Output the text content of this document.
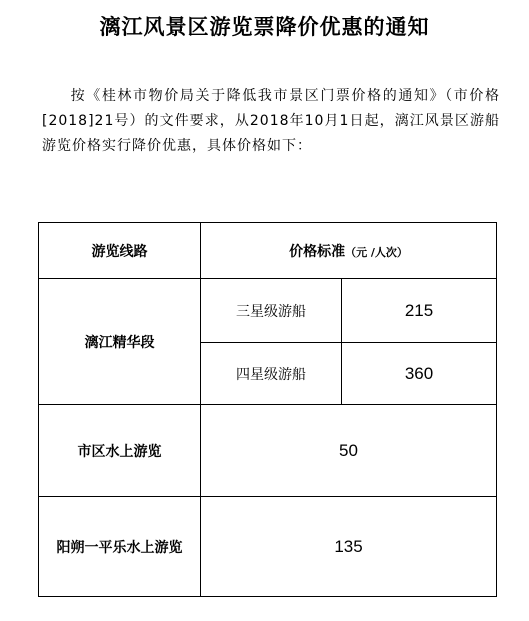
漓江风景区游览票降价优惠的通知

按《桂林市物价局关于降低我市景区门票价格的通知》（市价格[2018]21号）的文件要求，从2018年10月1日起，漓江风景区游船游览价格实行降价优惠，具体价格如下：

游览线路	价格标准（元 /人次）	
漓江精华段	三星级游船	215
	四星级游船	360
市区水上游览	50	
阳朔一平乐水上游览	135	
